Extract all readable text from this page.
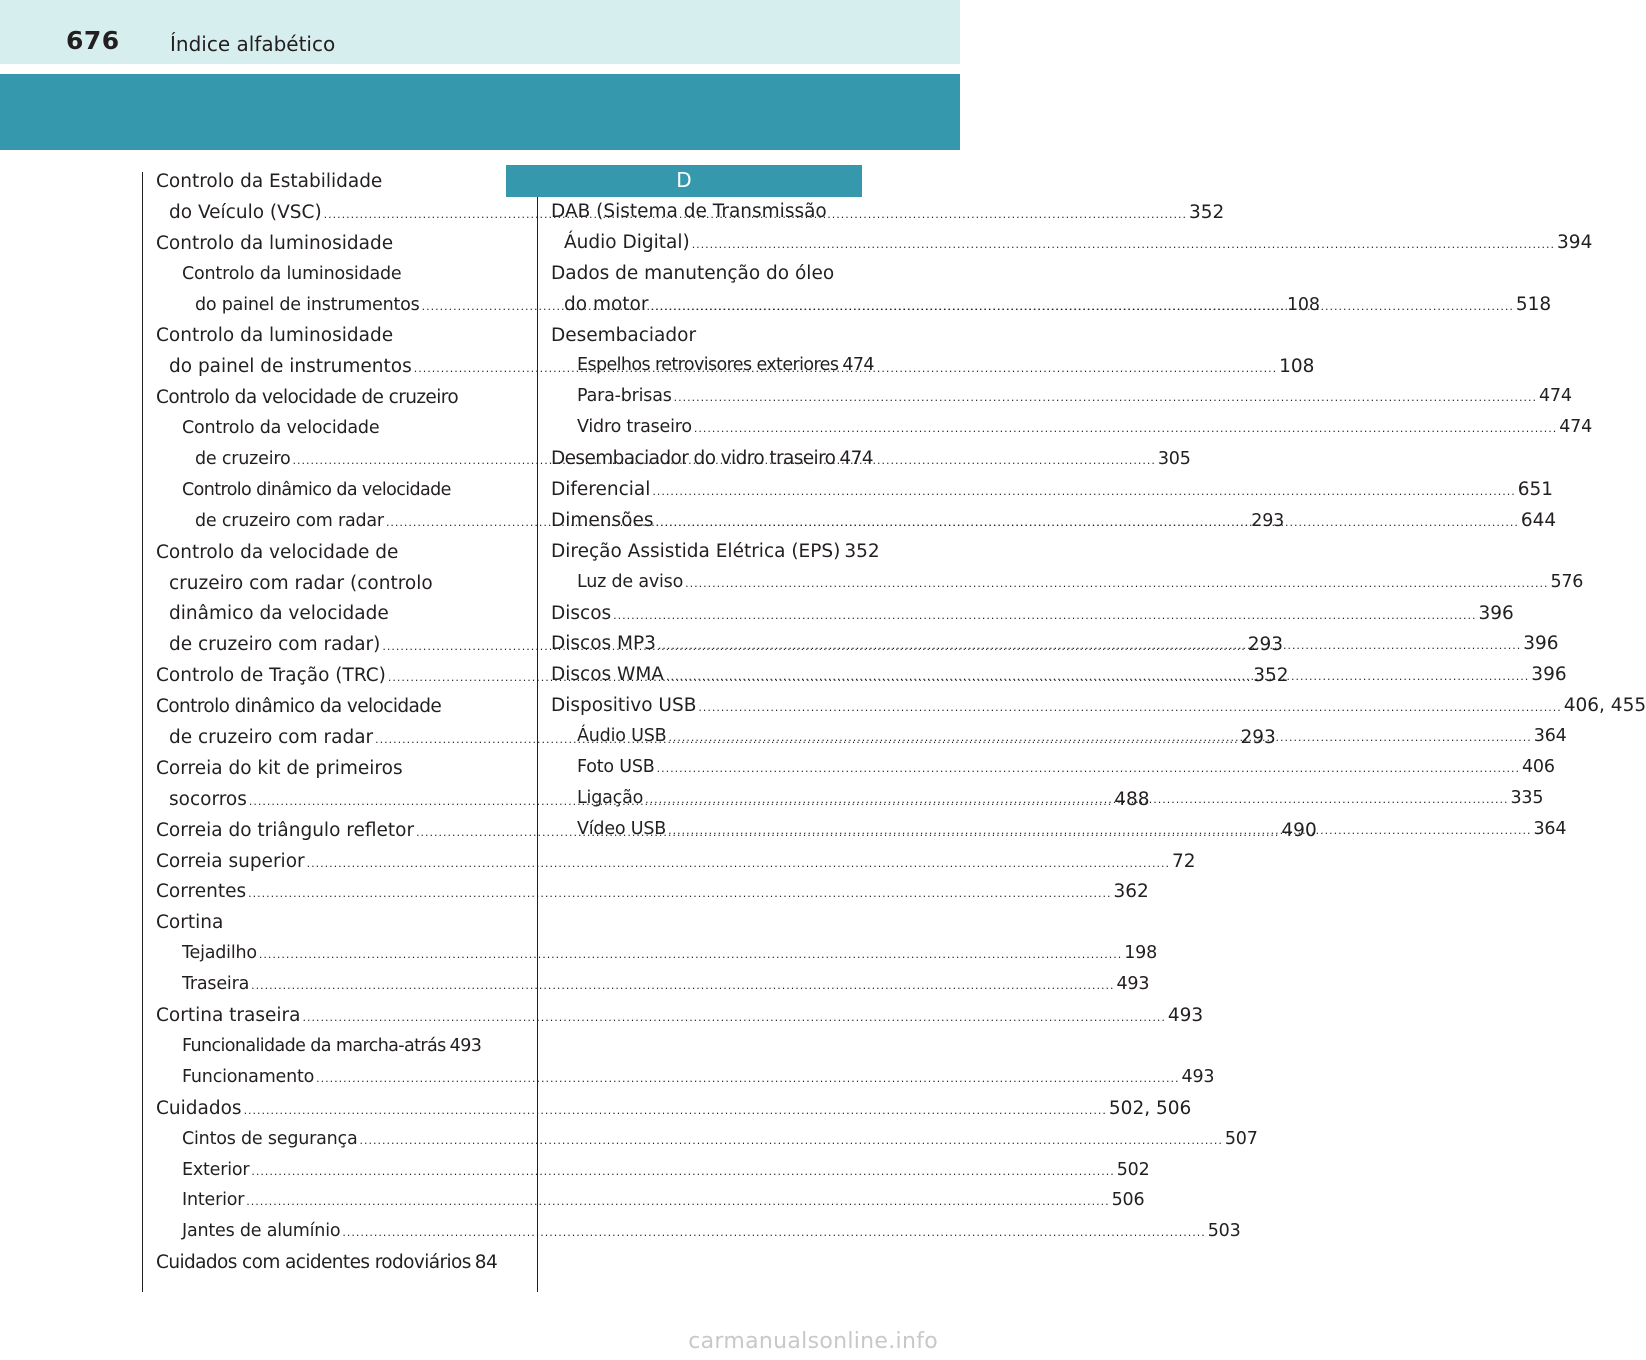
676	Índice alfabético
Controlo da Estabilidade
do Veículo (VSC) .....	352
Controlo da luminosidade
Controlo da luminosidade
do painel de instrumentos .....	108
Controlo da luminosidade
do painel de instrumentos .....	108
Controlo da velocidade de cruzeiro
Controlo da velocidade
de cruzeiro .....	305
Controlo dinâmico da velocidade
de cruzeiro com radar .....	293
Controlo da velocidade de
cruzeiro com radar (controlo
dinâmico da velocidade
de cruzeiro com radar) .....	293
Controlo de Tração (TRC) .....	352
Controlo dinâmico da velocidade
de cruzeiro com radar .....	293
Correia do kit de primeiros
socorros .....	488
Correia do triângulo refletor .....	490
Correia superior .....	72
Correntes .....	362
Cortina
Tejadilho .....	198
Traseira .....	493
Cortina traseira .....	493
Funcionalidade da marcha-atrás 493
Funcionamento .....	493
Cuidados .....	502, 506
Cintos de segurança .....	507
Exterior .....	502
Interior .....	506
Jantes de alumínio .....	503
Cuidados com acidentes rodoviários 84
D
DAB (Sistema de Transmissão
Áudio Digital) .....	394
Dados de manutenção do óleo
do motor .....	518
Desembaciador
Espelhos retrovisores exteriores 474
Para-brisas .....	474
Vidro traseiro .....	474
Desembaciador do vidro traseiro 474
Diferencial .....	651
Dimensões .....	644
Direção Assistida Elétrica (EPS) 352
Luz de aviso .....	576
Discos .....	396
Discos MP3 .....	396
Discos WMA .....	396
Dispositivo USB .....	406, 455
Áudio USB .....	364
Foto USB .....	406
Ligação .....	335
Vídeo USB .....	364
carmanualsonline.info
